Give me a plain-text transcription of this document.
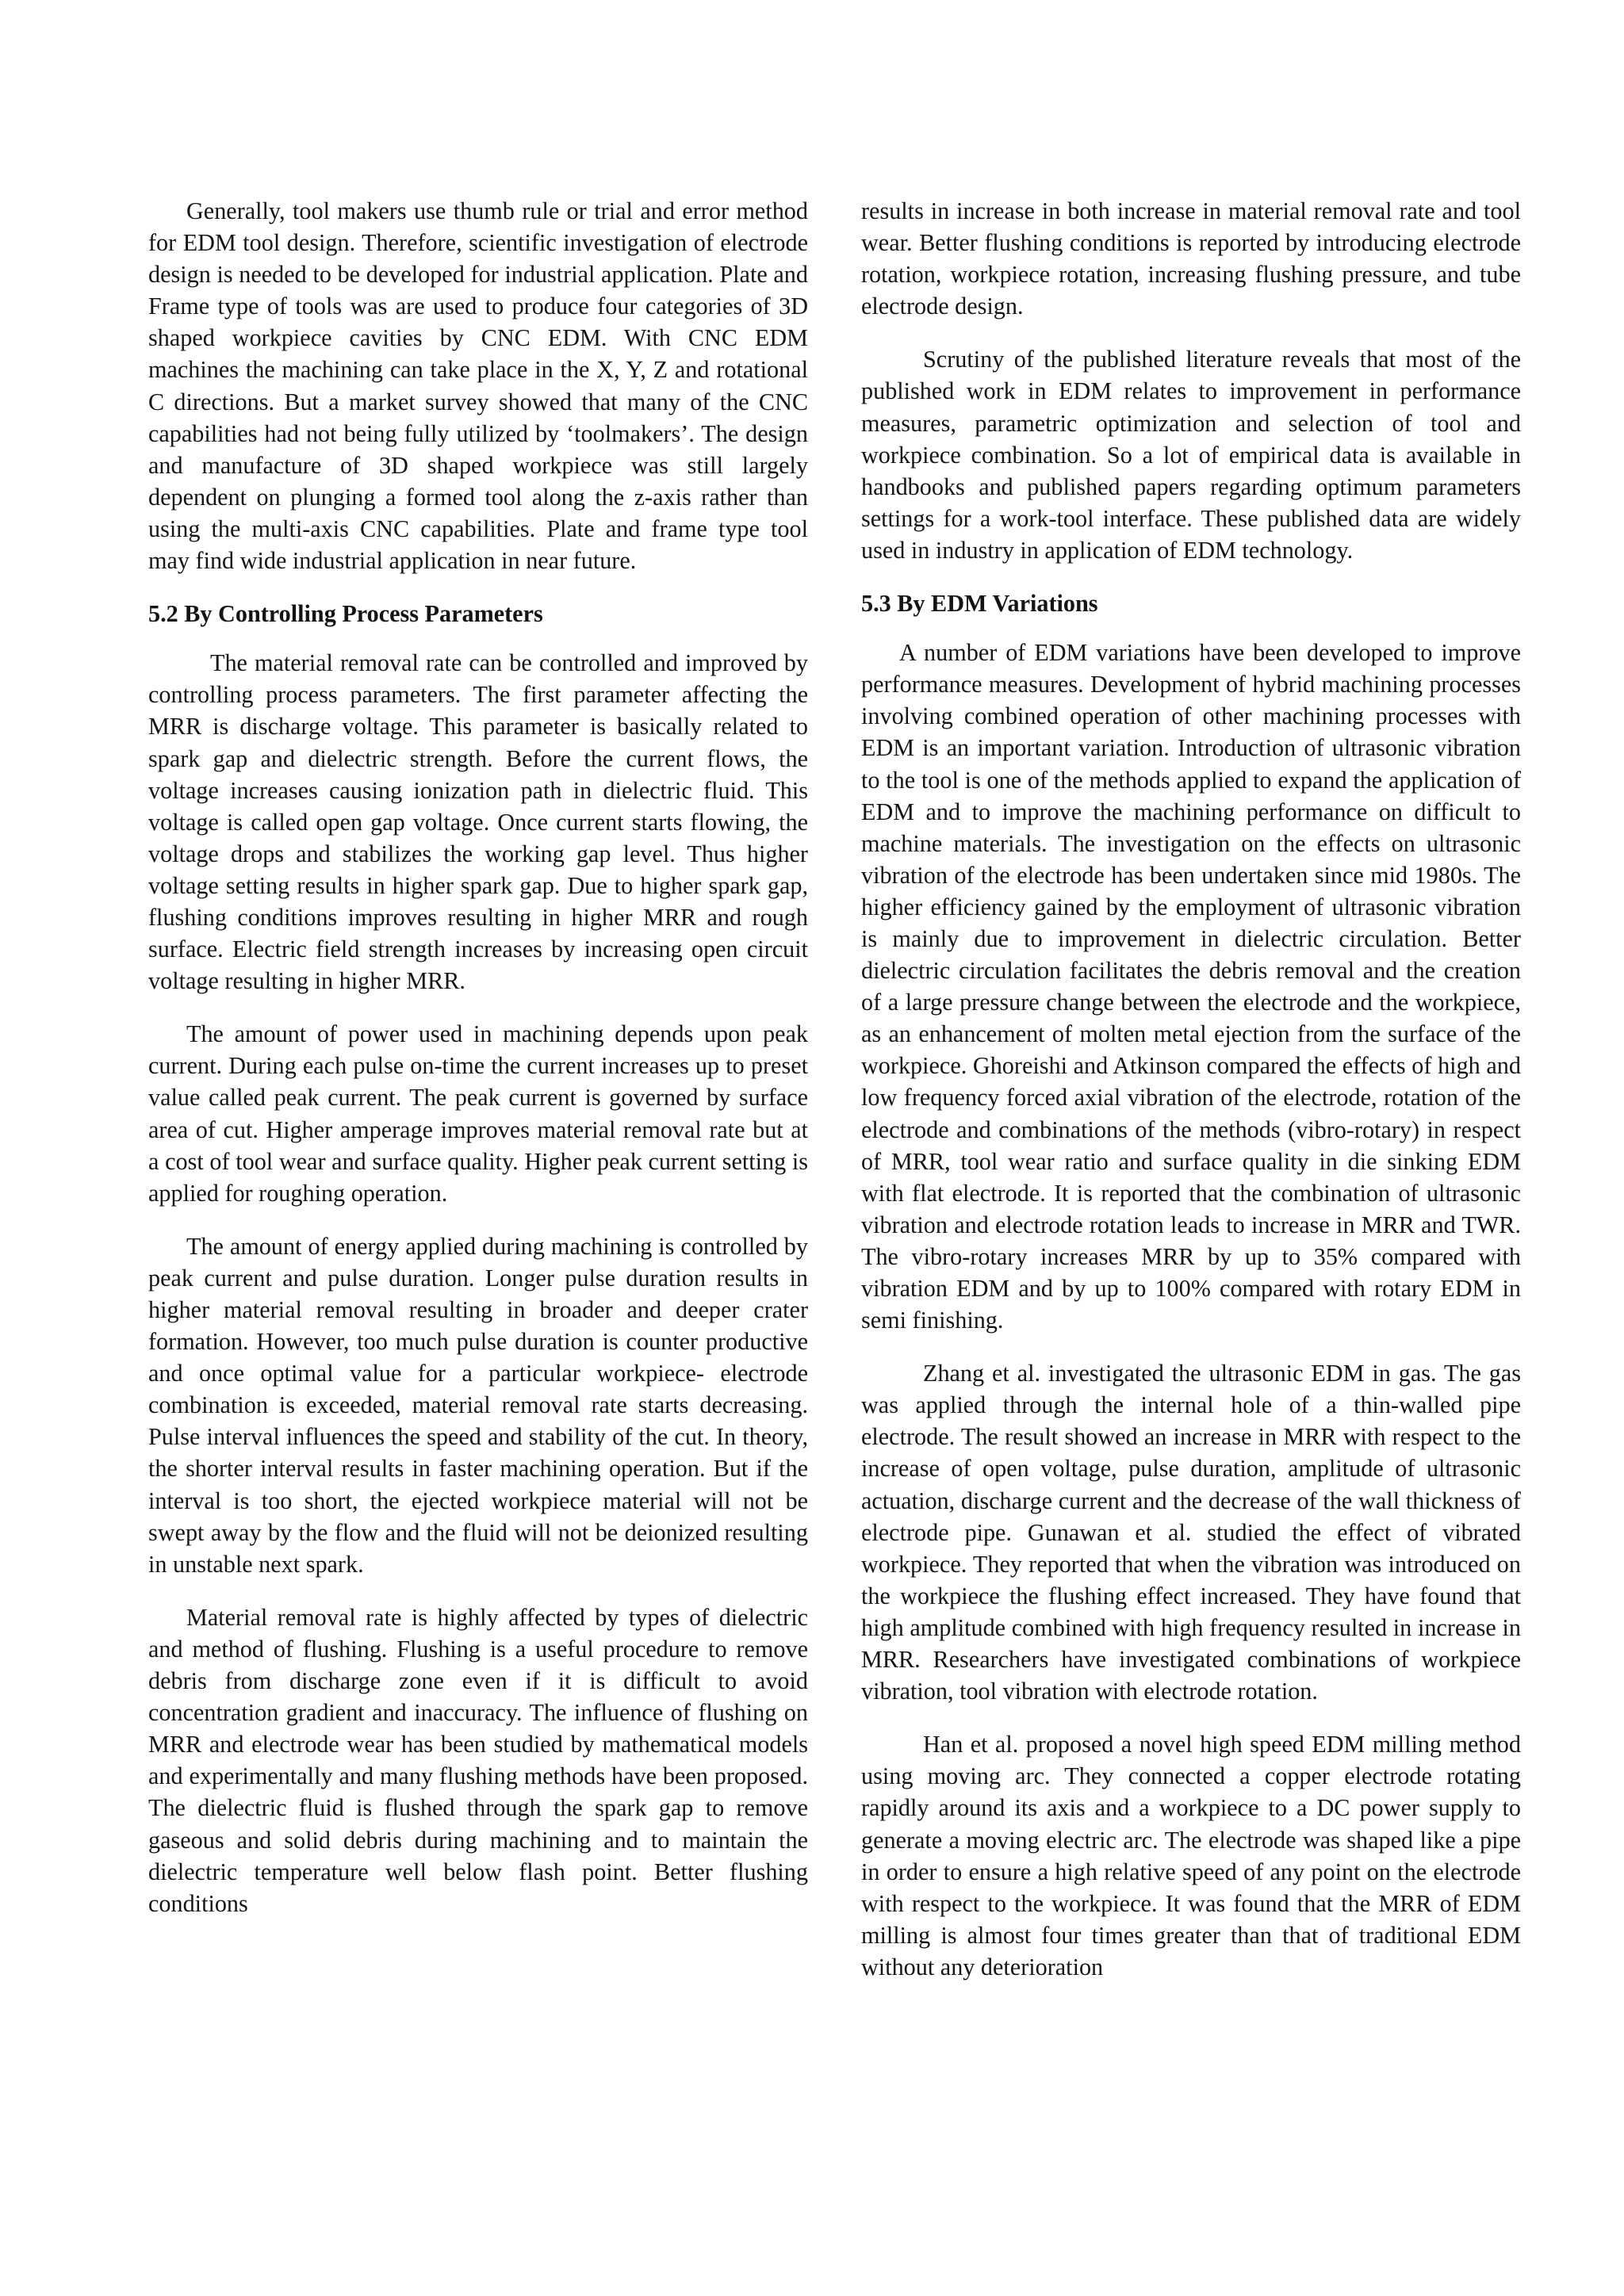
Generally, tool makers use thumb rule or trial and error method for EDM tool design. Therefore, scientific investigation of electrode design is needed to be developed for industrial application. Plate and Frame type of tools was are used to produce four categories of 3D shaped workpiece cavities by CNC EDM. With CNC EDM machines the machining can take place in the X, Y, Z and rotational C directions. But a market survey showed that many of the CNC capabilities had not being fully utilized by ‘toolmakers’. The design and manufacture of 3D shaped workpiece was still largely dependent on plunging a formed tool along the z-axis rather than using the multi-axis CNC capabilities. Plate and frame type tool may find wide industrial application in near future.

5.2 By Controlling Process Parameters

The material removal rate can be controlled and improved by controlling process parameters. The first parameter affecting the MRR is discharge voltage. This parameter is basically related to spark gap and dielectric strength. Before the current flows, the voltage increases causing ionization path in dielectric fluid. This voltage is called open gap voltage. Once current starts flowing, the voltage drops and stabilizes the working gap level. Thus higher voltage setting results in higher spark gap. Due to higher spark gap, flushing conditions improves resulting in higher MRR and rough surface. Electric field strength increases by increasing open circuit voltage resulting in higher MRR.

The amount of power used in machining depends upon peak current. During each pulse on-time the current increases up to preset value called peak current. The peak current is governed by surface area of cut. Higher amperage improves material removal rate but at a cost of tool wear and surface quality. Higher peak current setting is applied for roughing operation.

The amount of energy applied during machining is controlled by peak current and pulse duration. Longer pulse duration results in higher material removal resulting in broader and deeper crater formation. However, too much pulse duration is counter productive and once optimal value for a particular workpiece- electrode combination is exceeded, material removal rate starts decreasing. Pulse interval influences the speed and stability of the cut. In theory, the shorter interval results in faster machining operation. But if the interval is too short, the ejected workpiece material will not be swept away by the flow and the fluid will not be deionized resulting in unstable next spark.

Material removal rate is highly affected by types of dielectric and method of flushing. Flushing is a useful procedure to remove debris from discharge zone even if it is difficult to avoid concentration gradient and inaccuracy. The influence of flushing on MRR and electrode wear has been studied by mathematical models and experimentally and many flushing methods have been proposed. The dielectric fluid is flushed through the spark gap to remove gaseous and solid debris during machining and to maintain the dielectric temperature well below flash point. Better flushing conditions

results in increase in both increase in material removal rate and tool wear. Better flushing conditions is reported by introducing electrode rotation, workpiece rotation, increasing flushing pressure, and tube electrode design.

Scrutiny of the published literature reveals that most of the published work in EDM relates to improvement in performance measures, parametric optimization and selection of tool and workpiece combination. So a lot of empirical data is available in handbooks and published papers regarding optimum parameters settings for a work-tool interface. These published data are widely used in industry in application of EDM technology.

5.3 By EDM Variations

A number of EDM variations have been developed to improve performance measures. Development of hybrid machining processes involving combined operation of other machining processes with EDM is an important variation. Introduction of ultrasonic vibration to the tool is one of the methods applied to expand the application of EDM and to improve the machining performance on difficult to machine materials. The investigation on the effects on ultrasonic vibration of the electrode has been undertaken since mid 1980s. The higher efficiency gained by the employment of ultrasonic vibration is mainly due to improvement in dielectric circulation. Better dielectric circulation facilitates the debris removal and the creation of a large pressure change between the electrode and the workpiece, as an enhancement of molten metal ejection from the surface of the workpiece. Ghoreishi and Atkinson compared the effects of high and low frequency forced axial vibration of the electrode, rotation of the electrode and combinations of the methods (vibro-rotary) in respect of MRR, tool wear ratio and surface quality in die sinking EDM with flat electrode. It is reported that the combination of ultrasonic vibration and electrode rotation leads to increase in MRR and TWR. The vibro-rotary increases MRR by up to 35% compared with vibration EDM and by up to 100% compared with rotary EDM in semi finishing.

Zhang et al. investigated the ultrasonic EDM in gas. The gas was applied through the internal hole of a thin-walled pipe electrode. The result showed an increase in MRR with respect to the increase of open voltage, pulse duration, amplitude of ultrasonic actuation, discharge current and the decrease of the wall thickness of electrode pipe. Gunawan et al. studied the effect of vibrated workpiece. They reported that when the vibration was introduced on the workpiece the flushing effect increased. They have found that high amplitude combined with high frequency resulted in increase in MRR. Researchers have investigated combinations of workpiece vibration, tool vibration with electrode rotation.

Han et al. proposed a novel high speed EDM milling method using moving arc. They connected a copper electrode rotating rapidly around its axis and a workpiece to a DC power supply to generate a moving electric arc. The electrode was shaped like a pipe in order to ensure a high relative speed of any point on the electrode with respect to the workpiece. It was found that the MRR of EDM milling is almost four times greater than that of traditional EDM without any deterioration
